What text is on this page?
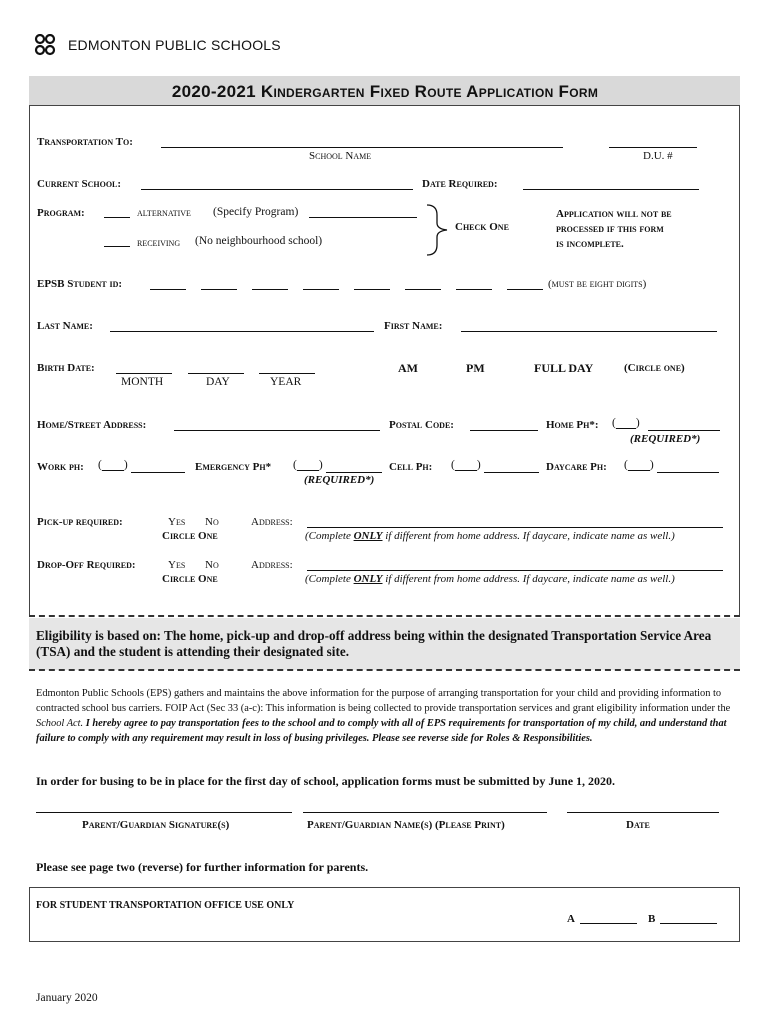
EDMONTON PUBLIC SCHOOLS
2020-2021 Kindergarten Fixed Route Application Form
Transportation To:
School Name	D.U. #
Current School:	Date Required:
Program:	alternative (Specify Program)
receiving (No neighbourhood school)
Check One
Application will not be
processed if this form
is incomplete.
EPSB Student id:	(must be eight digits)
Last Name:	First Name:
Birth Date:
MONTH	DAY	YEAR
AM	PM	FULL DAY	(Circle one)
Home/Street Address:	Postal Code:	Home Ph*: ( )
(REQUIRED*)
Work ph: ( )	Emergency Ph* ( )
(REQUIRED*)
Cell Ph: ( )	Daycare Ph: ( )
Pick-up required:	Yes No
Circle One
Address:
(Complete ONLY if different from home address. If daycare, indicate name as well.)
Drop-Off Required:	Yes No
Circle One
Address:
(Complete ONLY if different from home address. If daycare, indicate name as well.)
Eligibility is based on: The home, pick-up and drop-off address being within the designated Transportation Service Area (TSA) and the student is attending their designated site.
Edmonton Public Schools (EPS) gathers and maintains the above information for the purpose of arranging transportation for your child and providing information to contracted school bus carriers. FOIP Act (Sec 33 (a-c): This information is being collected to provide transportation services and grant eligibility information under the School Act. I hereby agree to pay transportation fees to the school and to comply with all of EPS requirements for transportation of my child, and understand that failure to comply with any requirement may result in loss of busing privileges. Please see reverse side for Roles & Responsibilities.
In order for busing to be in place for the first day of school, application forms must be submitted by June 1, 2020.
Parent/Guardian Signature(s)	Parent/Guardian Name(s) (Please Print)	Date
Please see page two (reverse) for further information for parents.
FOR STUDENT TRANSPORTATION OFFICE USE ONLY
A	B
January 2020
